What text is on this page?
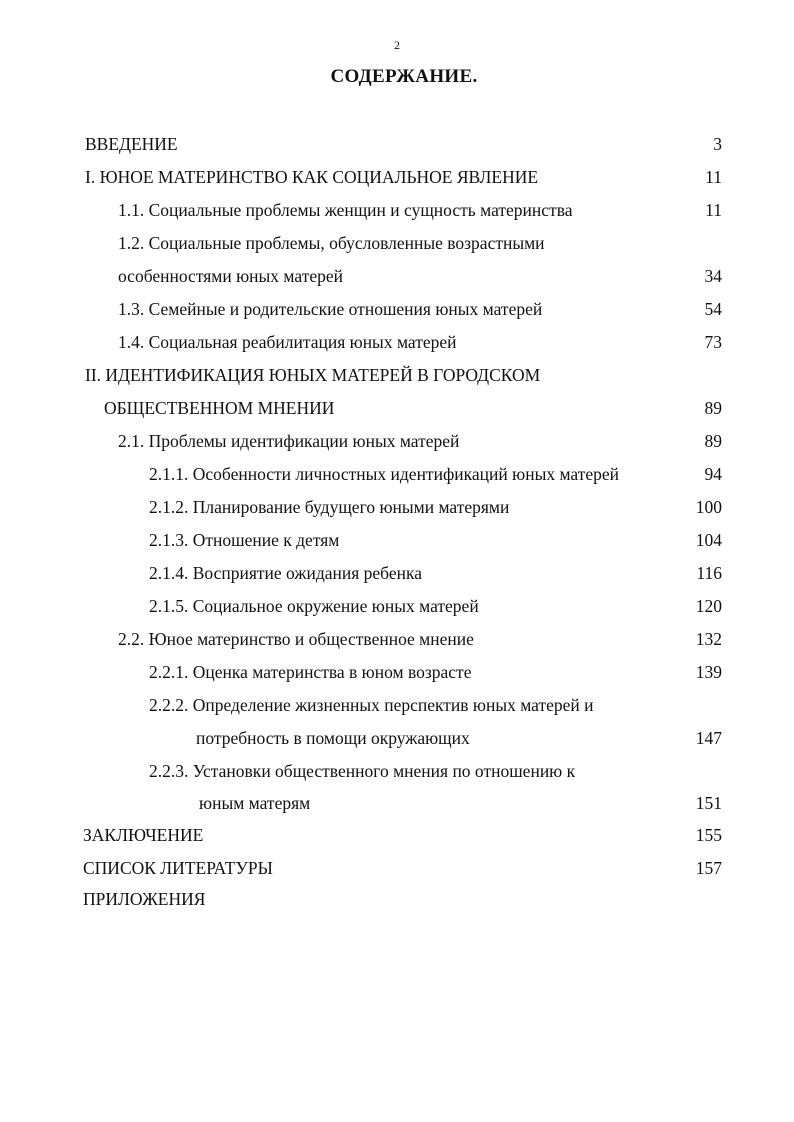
2
СОДЕРЖАНИЕ.
ВВЕДЕНИЕ	3
I. ЮНОЕ МАТЕРИНСТВО КАК СОЦИАЛЬНОЕ ЯВЛЕНИЕ	11
1.1. Социальные проблемы женщин и сущность материнства	11
1.2. Социальные проблемы, обусловленные возрастными
особенностями юных матерей	34
1.3. Семейные и родительские отношения юных матерей	54
1.4. Социальная реабилитация юных матерей	73
II. ИДЕНТИФИКАЦИЯ ЮНЫХ МАТЕРЕЙ В ГОРОДСКОМ
ОБЩЕСТВЕННОМ МНЕНИИ	89
2.1. Проблемы идентификации юных матерей	89
2.1.1. Особенности личностных идентификаций юных матерей	94
2.1.2. Планирование будущего юными матерями	100
2.1.3. Отношение к детям	104
2.1.4. Восприятие ожидания ребенка	116
2.1.5. Социальное окружение юных матерей	120
2.2. Юное материнство и общественное мнение	132
2.2.1. Оценка материнства в юном возрасте	139
2.2.2. Определение жизненных перспектив юных матерей и
потребность в помощи окружающих	147
2.2.3. Установки общественного мнения по отношению к
юным матерям	151
ЗАКЛЮЧЕНИЕ	155
СПИСОК ЛИТЕРАТУРЫ	157
ПРИЛОЖЕНИЯ
